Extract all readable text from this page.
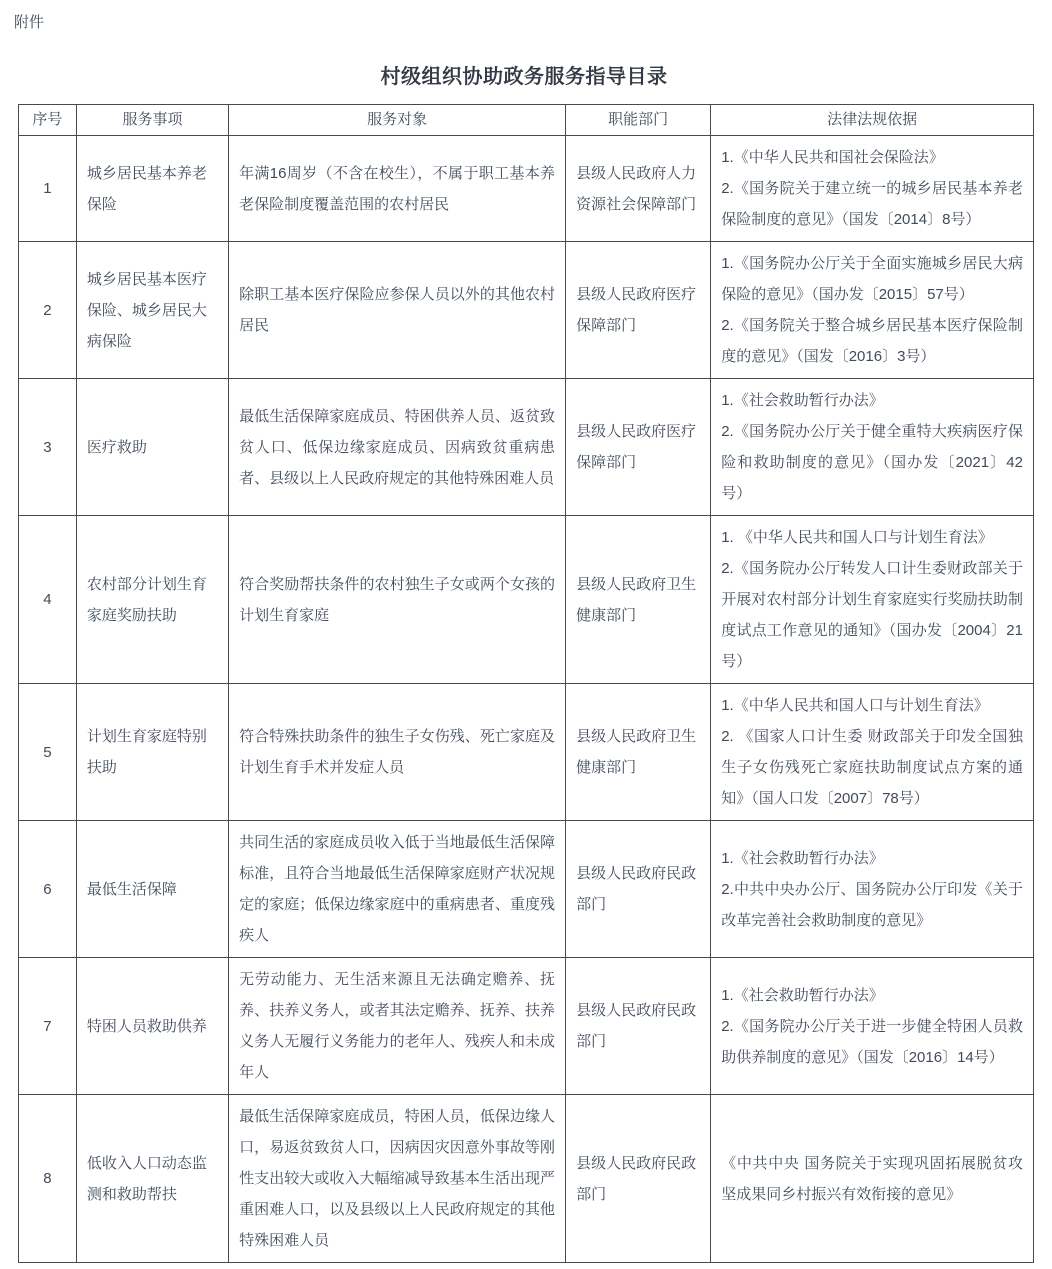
附件
村级组织协助政务服务指导目录
序号	服务事项	服务对象	职能部门	法律法规依据
1	城乡居民基本养老保险	年满16周岁（不含在校生），不属于职工基本养老保险制度覆盖范围的农村居民	县级人民政府人力资源社会保障部门	1.《中华人民共和国社会保险法》

2.《国务院关于建立统一的城乡居民基本养老保险制度的意见》（国发〔2014〕8号）

2	城乡居民基本医疗保险、城乡居民大病保险	除职工基本医疗保险应参保人员以外的其他农村居民	县级人民政府医疗保障部门	1.《国务院办公厅关于全面实施城乡居民大病保险的意见》（国办发〔2015〕57号）

2.《国务院关于整合城乡居民基本医疗保险制度的意见》（国发〔2016〕3号）

3	医疗救助	最低生活保障家庭成员、特困供养人员、返贫致贫人口、低保边缘家庭成员、因病致贫重病患者、县级以上人民政府规定的其他特殊困难人员	县级人民政府医疗保障部门	1.《社会救助暂行办法》

2.《国务院办公厅关于健全重特大疾病医疗保险和救助制度的意见》（国办发〔2021〕42号）

4	农村部分计划生育家庭奖励扶助	符合奖励帮扶条件的农村独生子女或两个女孩的计划生育家庭	县级人民政府卫生健康部门	1. 《中华人民共和国人口与计划生育法》

2.《国务院办公厅转发人口计生委财政部关于开展对农村部分计划生育家庭实行奖励扶助制度试点工作意见的通知》（国办发〔2004〕21号）

5	计划生育家庭特别扶助	符合特殊扶助条件的独生子女伤残、死亡家庭及计划生育手术并发症人员	县级人民政府卫生健康部门	1.《中华人民共和国人口与计划生育法》

2. 《国家人口计生委 财政部关于印发全国独生子女伤残死亡家庭扶助制度试点方案的通知》（国人口发〔2007〕78号）

6	最低生活保障	共同生活的家庭成员收入低于当地最低生活保障标准，且符合当地最低生活保障家庭财产状况规定的家庭；低保边缘家庭中的重病患者、重度残疾人	县级人民政府民政部门	1.《社会救助暂行办法》

2.中共中央办公厅、国务院办公厅印发《关于改革完善社会救助制度的意见》

7	特困人员救助供养	无劳动能力、无生活来源且无法确定赡养、抚养、扶养义务人，或者其法定赡养、抚养、扶养义务人无履行义务能力的老年人、残疾人和未成年人	县级人民政府民政部门	1.《社会救助暂行办法》

2.《国务院办公厅关于进一步健全特困人员救助供养制度的意见》（国发〔2016〕14号）

8	低收入人口动态监测和救助帮扶	最低生活保障家庭成员，特困人员，低保边缘人口，易返贫致贫人口，因病因灾因意外事故等刚性支出较大或收入大幅缩减导致基本生活出现严重困难人口，以及县级以上人民政府规定的其他特殊困难人员	县级人民政府民政部门	《中共中央 国务院关于实现巩固拓展脱贫攻坚成果同乡村振兴有效衔接的意见》
